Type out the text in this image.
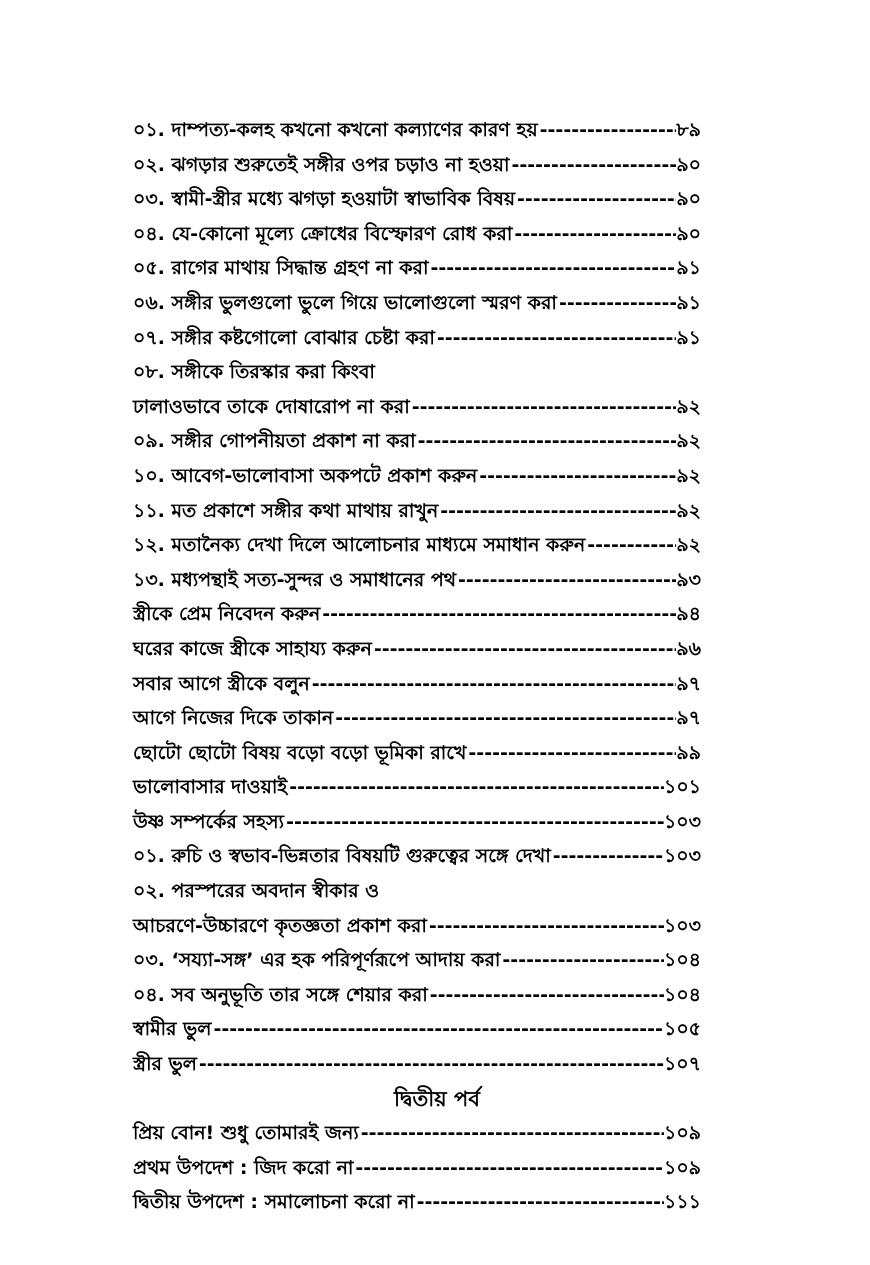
০১. দাম্পত্য-কলহ কখনো কখনো কল্যাণের কারণ হয় -----	৮৯
০২. ঝগড়ার শুরুতেই সঙ্গীর ওপর চড়াও না হওয়া -----	৯০
০৩. স্বামী-স্ত্রীর মধ্যে ঝগড়া হওয়াটা স্বাভাবিক বিষয় -----	৯০
০৪. যে-কোনো মূল্যে ক্রোধের বিস্ফোরণ রোধ করা -----	৯০
০৫. রাগের মাথায় সিদ্ধান্ত গ্রহণ না করা -----	৯১
০৬. সঙ্গীর ভুলগুলো ভুলে গিয়ে ভালোগুলো স্মরণ করা -----	৯১
০৭. সঙ্গীর কষ্টগোলো বোঝার চেষ্টা করা -----	৯১
০৮. সঙ্গীকে তিরস্কার করা কিংবা
ঢালাওভাবে তাকে দোষারোপ না করা -----	৯২
০৯. সঙ্গীর গোপনীয়তা প্রকাশ না করা -----	৯২
১০. আবেগ-ভালোবাসা অকপটে প্রকাশ করুন -----	৯২
১১. মত প্রকাশে সঙ্গীর কথা মাথায় রাখুন -----	৯২
১২. মতানৈক্য দেখা দিলে আলোচনার মাধ্যমে সমাধান করুন -----	৯২
১৩. মধ্যপন্থাই সত্য-সুন্দর ও সমাধানের পথ -----	৯৩
স্ত্রীকে প্রেম নিবেদন করুন -----	৯৪
ঘরের কাজে স্ত্রীকে সাহায্য করুন -----	৯৬
সবার আগে স্ত্রীকে বলুন -----	৯৭
আগে নিজের দিকে তাকান -----	৯৭
ছোটো ছোটো বিষয় বড়ো বড়ো ভূমিকা রাখে -----	৯৯
ভালোবাসার দাওয়াই -----	১০১
উষ্ণ সম্পর্কের সহস্য -----	১০৩
০১. রুচি ও স্বভাব-ভিন্নতার বিষয়টি গুরুত্বের সঙ্গে দেখা -----	১০৩
০২. পরস্পরের অবদান স্বীকার ও
আচরণে-উচ্চারণে কৃতজ্ঞতা প্রকাশ করা -----	১০৩
০৩. ‘সয্যা-সঙ্গ’ এর হক পরিপূর্ণরূপে আদায় করা -----	১০৪
০৪. সব অনুভূতি তার সঙ্গে শেয়ার করা -----	১০৪
স্বামীর ভুল -----	১০৫
স্ত্রীর ভুল -----	১০৭
দ্বিতীয় পর্ব
প্রিয় বোন! শুধু তোমারই জন্য -----	১০৯
প্রথম উপদেশ : জিদ করো না -----	১০৯
দ্বিতীয় উপদেশ : সমালোচনা করো না -----	১১১
